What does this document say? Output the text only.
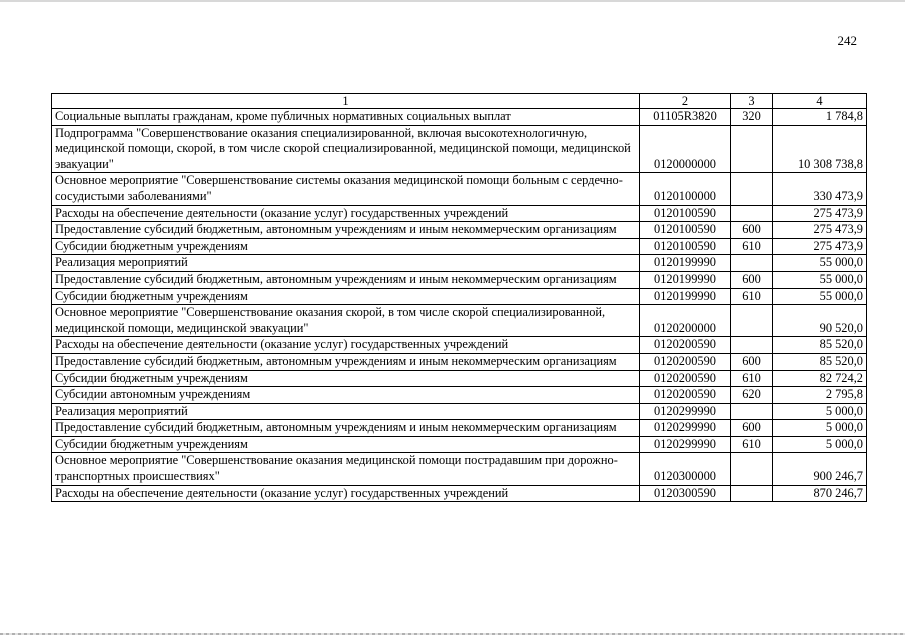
242
1	2	3	4
Социальные выплаты гражданам, кроме публичных нормативных социальных выплат	01105R3820	320	1 784,8
Подпрограмма "Совершенствование оказания специализированной, включая высокотехнологичную, медицинской помощи, скорой, в том числе скорой специализированной, медицинской помощи, медицинской эвакуации"	0120000000		10 308 738,8
Основное мероприятие "Совершенствование системы оказания медицинской помощи больным с сердечно-сосудистыми заболеваниями"	0120100000		330 473,9
Расходы на обеспечение деятельности (оказание услуг) государственных учреждений	0120100590		275 473,9
Предоставление субсидий бюджетным, автономным учреждениям и иным некоммерческим организациям	0120100590	600	275 473,9
Субсидии бюджетным учреждениям	0120100590	610	275 473,9
Реализация мероприятий	0120199990		55 000,0
Предоставление субсидий бюджетным, автономным учреждениям и иным некоммерческим организациям	0120199990	600	55 000,0
Субсидии бюджетным учреждениям	0120199990	610	55 000,0
Основное мероприятие "Совершенствование оказания скорой, в том числе скорой специализированной, медицинской помощи, медицинской эвакуации"	0120200000		90 520,0
Расходы на обеспечение деятельности (оказание услуг) государственных учреждений	0120200590		85 520,0
Предоставление субсидий бюджетным, автономным учреждениям и иным некоммерческим организациям	0120200590	600	85 520,0
Субсидии бюджетным учреждениям	0120200590	610	82 724,2
Субсидии автономным учреждениям	0120200590	620	2 795,8
Реализация мероприятий	0120299990		5 000,0
Предоставление субсидий бюджетным, автономным учреждениям и иным некоммерческим организациям	0120299990	600	5 000,0
Субсидии бюджетным учреждениям	0120299990	610	5 000,0
Основное мероприятие "Совершенствование оказания медицинской помощи пострадавшим при дорожно-транспортных происшествиях"	0120300000		900 246,7
Расходы на обеспечение деятельности (оказание услуг) государственных учреждений	0120300590		870 246,7
